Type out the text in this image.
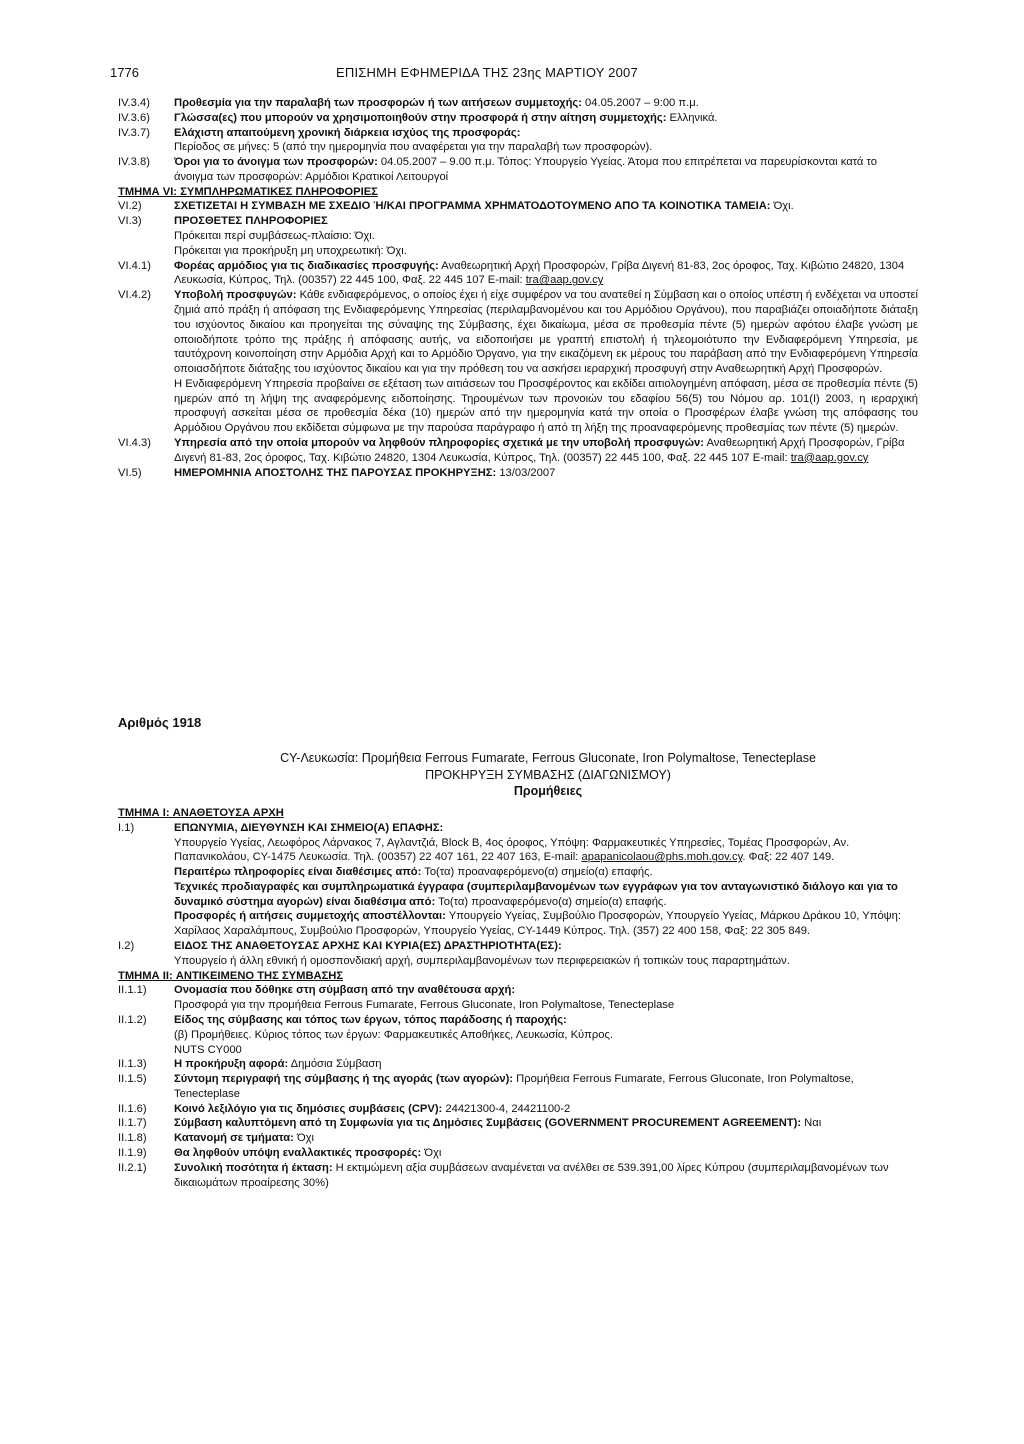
1776	ΕΠΙΣΗΜΗ ΕΦΗΜΕΡΙΔΑ ΤΗΣ 23ης ΜΑΡΤΙΟΥ 2007
IV.3.4)	Προθεσμία για την παραλαβή των προσφορών ή των αιτήσεων συμμετοχής: 04.05.2007 – 9:00 π.μ.
IV.3.6)	Γλώσσα(ες) που μπορούν να χρησιμοποιηθούν στην προσφορά ή στην αίτηση συμμετοχής: Ελληνικά.
IV.3.7)	Ελάχιστη απαιτούμενη χρονική διάρκεια ισχύος της προσφοράς:

Περίοδος σε μήνες: 5 (από την ημερομηνία που αναφέρεται για την παραλαβή των προσφορών).

IV.3.8)	Όροι για το άνοιγμα των προσφορών: 04.05.2007 – 9.00 π.μ. Τόπος: Υπουργείο Υγείας. Άτομα που επιτρέπεται να παρευρίσκονται κατά το άνοιγμα των προσφορών: Αρμόδιοι Κρατικοί Λειτουργοί

ΤΜΗΜΑ VI: ΣΥΜΠΛΗΡΩΜΑΤΙΚΕΣ ΠΛΗΡΟΦΟΡΙΕΣ

VI.2)	ΣΧΕΤΙΖΕΤΑΙ Η ΣΥΜΒΑΣΗ ΜΕ ΣΧΕΔΙΟ Ή/ΚΑΙ ΠΡΟΓΡΑΜΜΑ ΧΡΗΜΑΤΟΔΟΤΟΥΜΕΝΟ ΑΠΟ ΤΑ ΚΟΙΝΟΤΙΚΑ ΤΑΜΕΙΑ: Όχι.
VI.3)	ΠΡΟΣΘΕΤΕΣ ΠΛΗΡΟΦΟΡΙΕΣ

Πρόκειται περί συμβάσεως-πλαίσιο: Όχι.

Πρόκειται για προκήρυξη μη υποχρεωτική: Όχι.

VI.4.1)	Φορέας αρμόδιος για τις διαδικασίες προσφυγής: Αναθεωρητική Αρχή Προσφορών, Γρίβα Διγενή 81-83, 2ος όροφος, Ταχ. Κιβώτιο 24820, 1304 Λευκωσία, Κύπρος, Τηλ. (00357) 22 445 100, Φαξ. 22 445 107 E-mail: tra@aap.gov.cy
VI.4.2)	Υποβολή προσφυγών: Κάθε ενδιαφερόμενος, ο οποίος έχει ή είχε συμφέρον να του ανατεθεί η Σύμβαση και ο οποίος υπέστη ή ενδέχεται να υποστεί ζημιά από πράξη ή απόφαση της Ενδιαφερόμενης Υπηρεσίας (περιλαμβανομένου και του Αρμόδιου Οργάνου), που παραβιάζει οποιαδήποτε διάταξη του ισχύοντος δικαίου και προηγείται της σύναψης της Σύμβασης, έχει δικαίωμα, μέσα σε προθεσμία πέντε (5) ημερών αφότου έλαβε γνώση με οποιοδήποτε τρόπο της πράξης ή απόφασης αυτής, να ειδοποιήσει με γραπτή επιστολή ή τηλεομοιότυπο την Ενδιαφερόμενη Υπηρεσία, με ταυτόχρονη κοινοποίηση στην Αρμόδια Αρχή και το Αρμόδιο Όργανο, για την εικαζόμενη εκ μέρους του παράβαση από την Ενδιαφερόμενη Υπηρεσία οποιασδήποτε διάταξης του ισχύοντος δικαίου και για την πρόθεση του να ασκήσει ιεραρχική προσφυγή στην Αναθεωρητική Αρχή Προσφορών.

Η Ενδιαφερόμενη Υπηρεσία προβαίνει σε εξέταση των αιτιάσεων του Προσφέροντος και εκδίδει αιτιολογημένη απόφαση, μέσα σε προθεσμία πέντε (5) ημερών από τη λήψη της αναφερόμενης ειδοποίησης. Τηρουμένων των προνοιών του εδαφίου 56(5) του Νόμου αρ. 101(I) 2003, η ιεραρχική προσφυγή ασκείται μέσα σε προθεσμία δέκα (10) ημερών από την ημερομηνία κατά την οποία ο Προσφέρων έλαβε γνώση της απόφασης του Αρμόδιου Οργάνου που εκδίδεται σύμφωνα με την παρούσα παράγραφο ή από τη λήξη της προαναφερόμενης προθεσμίας των πέντε (5) ημερών.

VI.4.3)	Υπηρεσία από την οποία μπορούν να ληφθούν πληροφορίες σχετικά με την υποβολή προσφυγών: Αναθεωρητική Αρχή Προσφορών, Γρίβα Διγενή 81-83, 2ος όροφος, Ταχ. Κιβώτιο 24820, 1304 Λευκωσία, Κύπρος, Τηλ. (00357) 22 445 100, Φαξ. 22 445 107 E-mail: tra@aap.gov.cy
VI.5)	ΗΜΕΡΟΜΗΝΙΑ ΑΠΟΣΤΟΛΗΣ ΤΗΣ ΠΑΡΟΥΣΑΣ ΠΡΟΚΗΡΥΞΗΣ: 13/03/2007
Αριθμός 1918

CY-Λευκωσία: Προμήθεια Ferrous Fumarate, Ferrous Gluconate, Iron Polymaltose, Tenecteplase

ΠΡΟΚΗΡΥΞΗ ΣΥΜΒΑΣΗΣ (ΔΙΑΓΩΝΙΣΜΟΥ)

Προμήθειες

ΤΜΗΜΑ I: ΑΝΑΘΕΤΟΥΣΑ ΑΡΧΗ

I.1)	ΕΠΩΝΥΜΙΑ, ΔΙΕΥΘΥΝΣΗ ΚΑΙ ΣΗΜΕΙΟ(Α) ΕΠΑΦΗΣ:

Υπουργείο Υγείας, Λεωφόρος Λάρνακος 7, Αγλαντζιά, Block B, 4ος όροφος, Υπόψη: Φαρμακευτικές Υπηρεσίες, Τομέας Προσφορών, Αν. Παπανικολάου, CY-1475 Λευκωσία. Τηλ. (00357) 22 407 161, 22 407 163, E-mail: apapanicolaou@phs.moh.gov.cy. Φαξ: 22 407 149.

Περαιτέρω πληροφορίες είναι διαθέσιμες από: Το(τα) προαναφερόμενο(α) σημείο(α) επαφής.

Τεχνικές προδιαγραφές και συμπληρωματικά έγγραφα (συμπεριλαμβανομένων των εγγράφων για τον ανταγωνιστικό διάλογο και για το δυναμικό σύστημα αγορών) είναι διαθέσιμα από: Το(τα) προαναφερόμενο(α) σημείο(α) επαφής.

Προσφορές ή αιτήσεις συμμετοχής αποστέλλονται: Υπουργείο Υγείας, Συμβούλιο Προσφορών, Υπουργείο Υγείας, Μάρκου Δράκου 10, Υπόψη: Χαρίλαος Χαραλάμπους, Συμβούλιο Προσφορών, Υπουργείο Υγείας, CY-1449 Κύπρος. Τηλ. (357) 22 400 158, Φαξ: 22 305 849.

I.2)	ΕΙΔΟΣ ΤΗΣ ΑΝΑΘΕΤΟΥΣΑΣ ΑΡΧΗΣ ΚΑΙ ΚΥΡΙΑ(ΕΣ) ΔΡΑΣΤΗΡΙΟΤΗΤΑ(ΕΣ):

Υπουργείο ή άλλη εθνική ή ομοσπονδιακή αρχή, συμπεριλαμβανομένων των περιφερειακών ή τοπικών τους παραρτημάτων.

ΤΜΗΜΑ II: ΑΝΤΙΚΕΙΜΕΝΟ ΤΗΣ ΣΥΜΒΑΣΗΣ

II.1.1)	Ονομασία που δόθηκε στη σύμβαση από την αναθέτουσα αρχή:

Προσφορά για την προμήθεια Ferrous Fumarate, Ferrous Gluconate, Iron Polymaltose, Tenecteplase

II.1.2)	Είδος της σύμβασης και τόπος των έργων, τόπος παράδοσης ή παροχής:

(β) Προμήθειες. Κύριος τόπος των έργων: Φαρμακευτικές Αποθήκες, Λευκωσία, Κύπρος.

NUTS CY000

II.1.3)	Η προκήρυξη αφορά: Δημόσια Σύμβαση
II.1.5)	Σύντομη περιγραφή της σύμβασης ή της αγοράς (των αγορών): Προμήθεια Ferrous Fumarate, Ferrous Gluconate, Iron Polymaltose, Tenecteplase
II.1.6)	Κοινό λεξιλόγιο για τις δημόσιες συμβάσεις (CPV): 24421300-4, 24421100-2
II.1.7)	Σύμβαση καλυπτόμενη από τη Συμφωνία για τις Δημόσιες Συμβάσεις (GOVERNMENT PROCUREMENT AGREEMENT): Ναι
II.1.8)	Κατανομή σε τμήματα: Όχι
II.1.9)	Θα ληφθούν υπόψη εναλλακτικές προσφορές: Όχι
II.2.1)	Συνολική ποσότητα ή έκταση: Η εκτιμώμενη αξία συμβάσεων αναμένεται να ανέλθει σε 539.391,00 λίρες Κύπρου (συμπεριλαμβανομένων των δικαιωμάτων προαίρεσης 30%)
